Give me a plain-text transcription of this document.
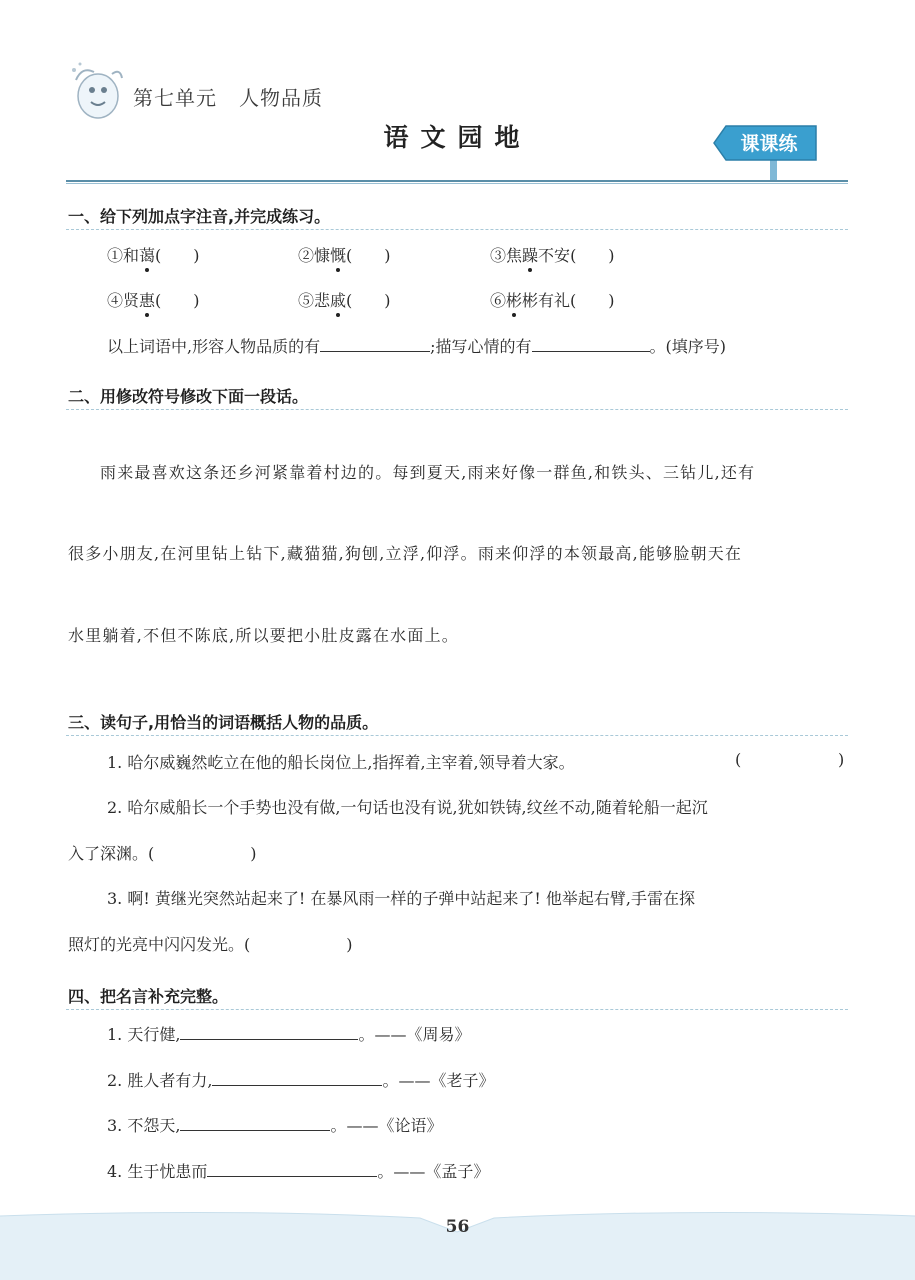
第七单元 人物品质
语文园地	课课练
一、给下列加点字注音,并完成练习。
①和蔼(　　)	②慷慨(　　)	③焦躁不安(　　)
④贤惠(　　)	⑤悲戚(　　)	⑥彬彬有礼(　　)
以上词语中,形容人物品质的有	;描写心情的有	。(填序号)
二、用修改符号修改下面一段话。
雨来最喜欢这条还乡河紧靠着村边的。每到夏天,雨来好像一群鱼,和铁头、三钻儿,还有
很多小朋友,在河里钻上钻下,藏猫猫,狗刨,立浮,仰浮。雨来仰浮的本领最高,能够脸朝天在
水里躺着,不但不陈底,所以要把小肚皮露在水面上。
三、读句子,用恰当的词语概括人物的品质。
1. 哈尔威巍然屹立在他的船长岗位上,指挥着,主宰着,领导着大家。	(	)
2. 哈尔威船长一个手势也没有做,一句话也没有说,犹如铁铸,纹丝不动,随着轮船一起沉
入了深渊。(　　　　　　)
3. 啊! 黄继光突然站起来了! 在暴风雨一样的子弹中站起来了! 他举起右臂,手雷在探
照灯的光亮中闪闪发光。(　　　　　　)
四、把名言补充完整。
1. 天行健,	。——《周易》
2. 胜人者有力,	。——《老子》
3. 不怨天,	。——《论语》
4. 生于忧患而	。——《孟子》
56
